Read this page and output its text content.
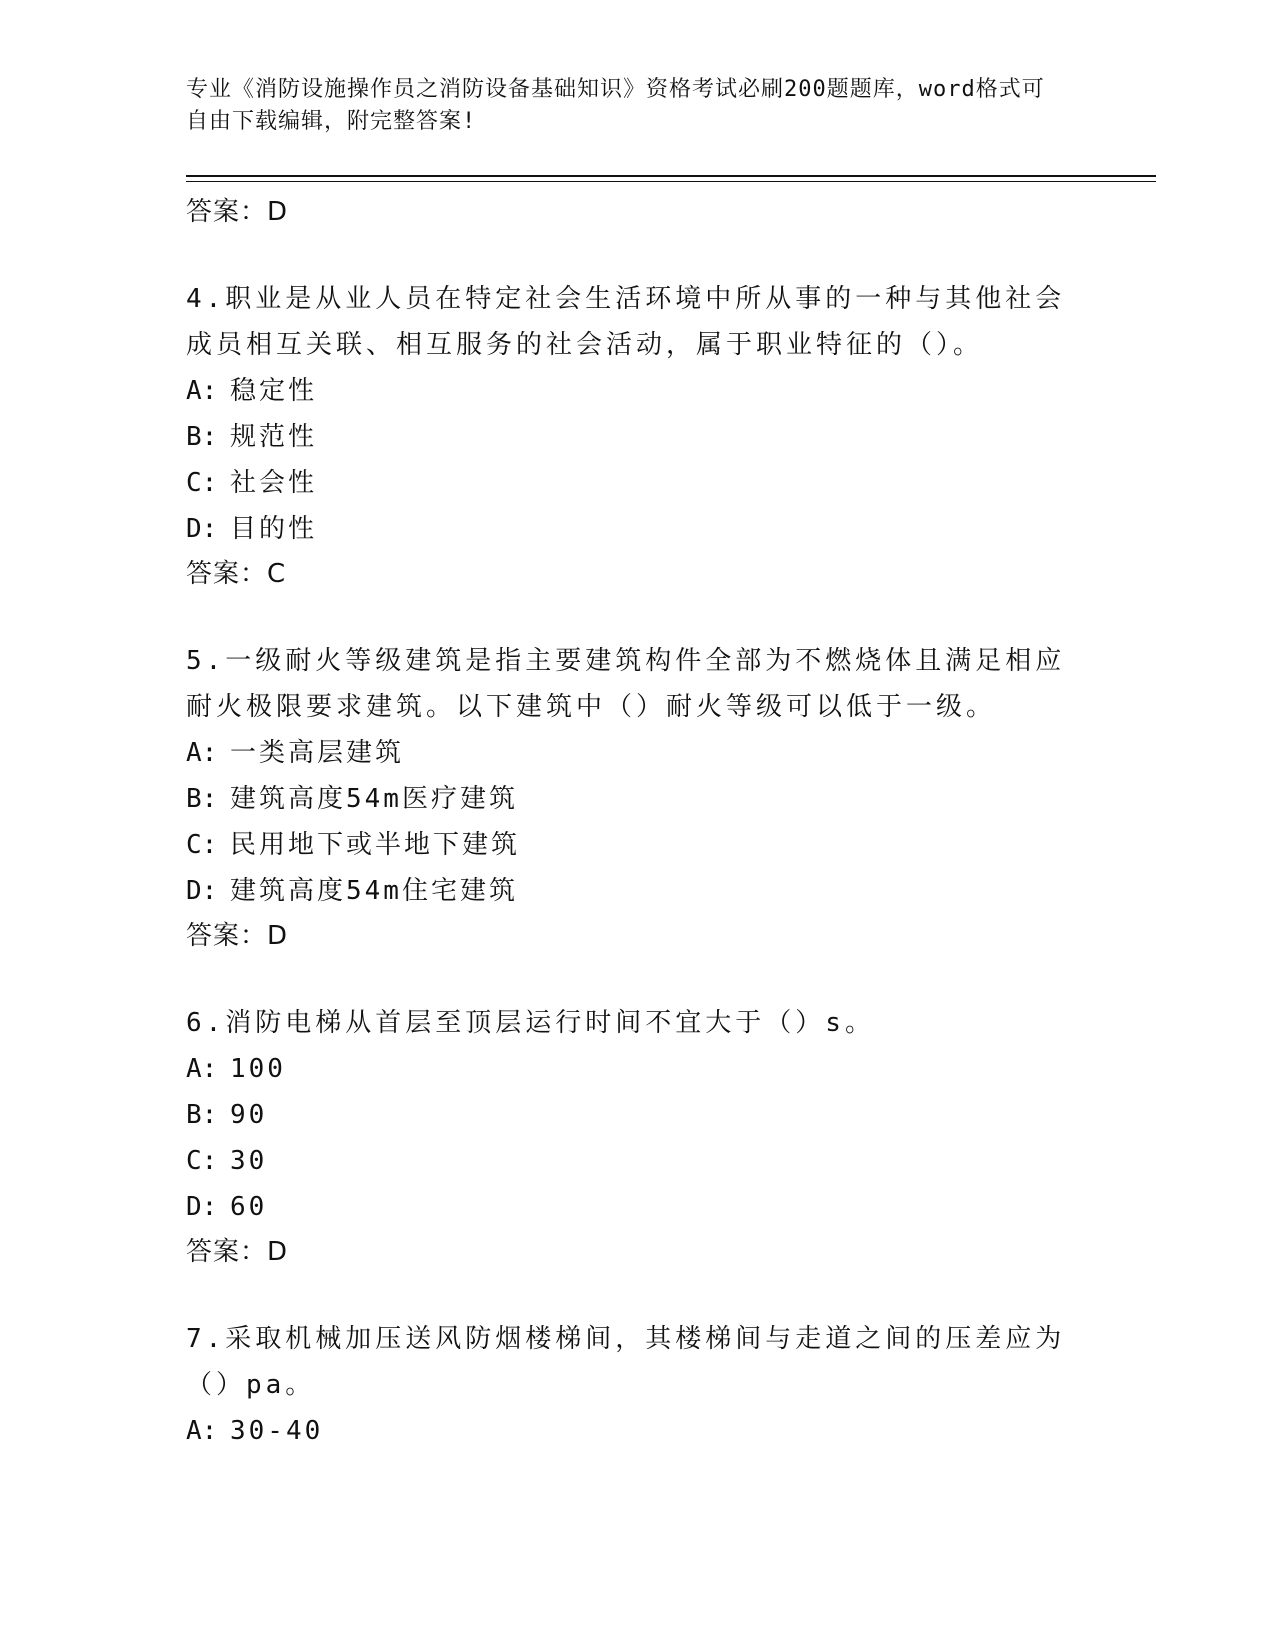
专业《消防设施操作员之消防设备基础知识》资格考试必刷200题题库，word格式可自由下载编辑，附完整答案!
答案：D
4.职业是从业人员在特定社会生活环境中所从事的一种与其他社会成员相互关联、相互服务的社会活动，属于职业特征的（）。
A: 稳定性
B: 规范性
C: 社会性
D: 目的性
答案：C
5.一级耐火等级建筑是指主要建筑构件全部为不燃烧体且满足相应耐火极限要求建筑。以下建筑中（）耐火等级可以低于一级。
A: 一类高层建筑
B: 建筑高度54m医疗建筑
C: 民用地下或半地下建筑
D: 建筑高度54m住宅建筑
答案：D
6.消防电梯从首层至顶层运行时间不宜大于（）s。
A: 100
B: 90
C: 30
D: 60
答案：D
7.采取机械加压送风防烟楼梯间，其楼梯间与走道之间的压差应为（）pa。
A: 30-40
